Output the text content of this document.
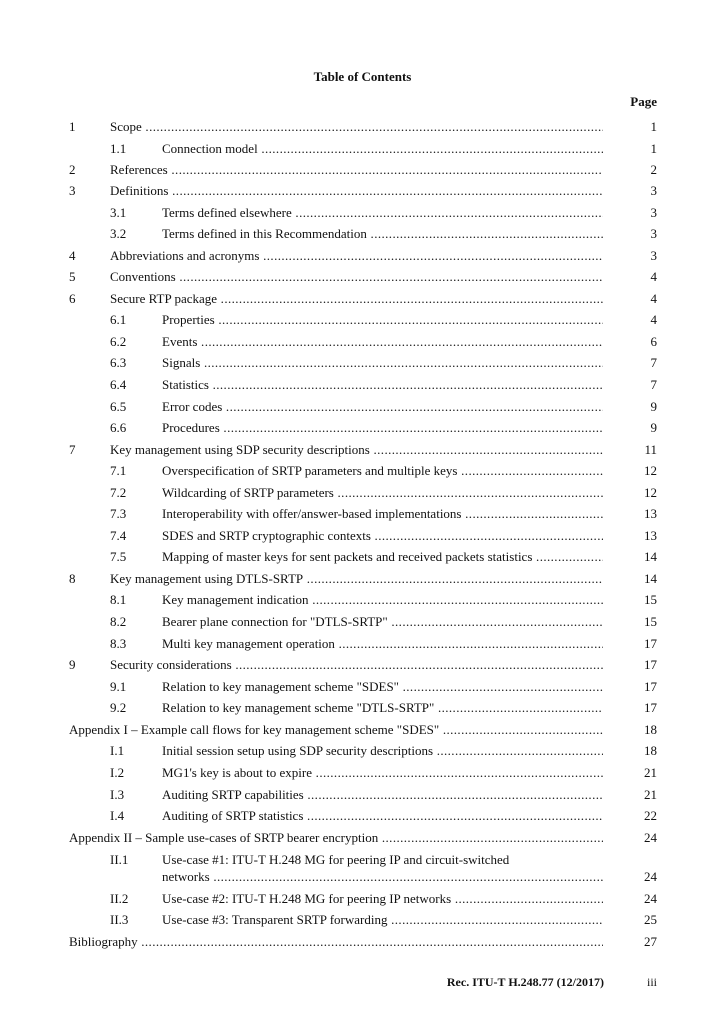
Table of Contents
Page
1	Scope .....	1
1.1	Connection model .....	1
2	References .....	2
3	Definitions .....	3
3.1	Terms defined elsewhere .....	3
3.2	Terms defined in this Recommendation .....	3
4	Abbreviations and acronyms .....	3
5	Conventions .....	4
6	Secure RTP package .....	4
6.1	Properties .....	4
6.2	Events .....	6
6.3	Signals .....	7
6.4	Statistics .....	7
6.5	Error codes .....	9
6.6	Procedures .....	9
7	Key management using SDP security descriptions .....	11
7.1	Overspecification of SRTP parameters and multiple keys .....	12
7.2	Wildcarding of SRTP parameters .....	12
7.3	Interoperability with offer/answer-based implementations .....	13
7.4	SDES and SRTP cryptographic contexts .....	13
7.5	Mapping of master keys for sent packets and received packets statistics .....	14
8	Key management using DTLS-SRTP .....	14
8.1	Key management indication .....	15
8.2	Bearer plane connection for "DTLS-SRTP" .....	15
8.3	Multi key management operation .....	17
9	Security considerations .....	17
9.1	Relation to key management scheme "SDES" .....	17
9.2	Relation to key management scheme "DTLS-SRTP" .....	17
Appendix I – Example call flows for key management scheme "SDES" .....	18
I.1	Initial session setup using SDP security descriptions .....	18
I.2	MG1's key is about to expire .....	21
I.3	Auditing SRTP capabilities .....	21
I.4	Auditing of SRTP statistics .....	22
Appendix II – Sample use-cases of SRTP bearer encryption .....	24
II.1	Use-case #1: ITU-T H.248 MG for peering IP and circuit-switched
networks .....	24
II.2	Use-case #2: ITU-T H.248 MG for peering IP networks .....	24
II.3	Use-case #3: Transparent SRTP forwarding .....	25
Bibliography .....	27
Rec. ITU-T H.248.77 (12/2017)	iii
